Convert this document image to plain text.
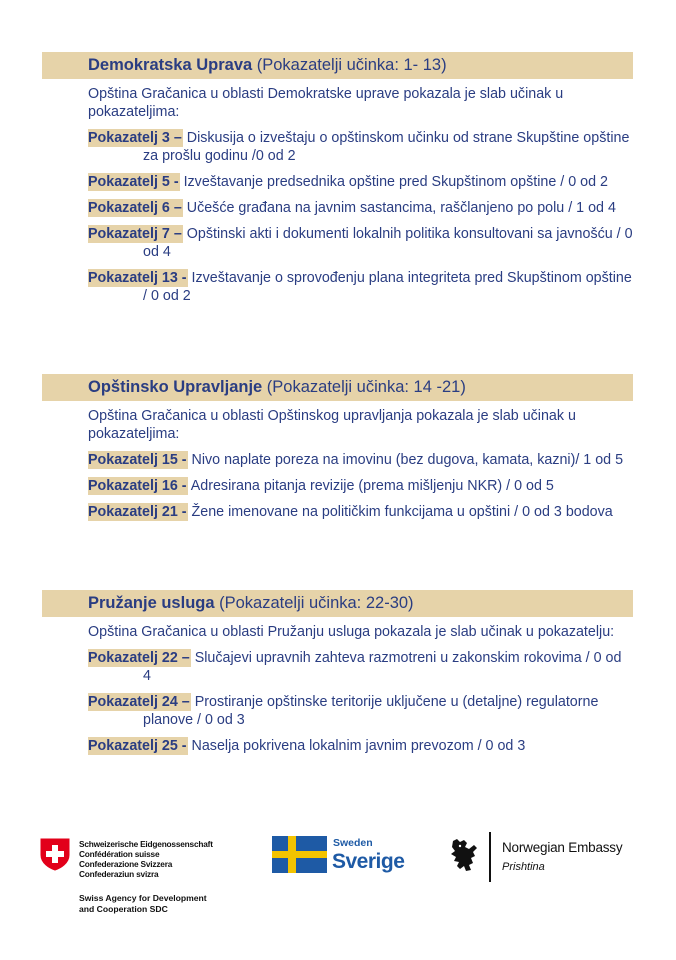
Demokratska Uprava (Pokazatelji učinka: 1- 13)
Opština Gračanica u oblasti Demokratske uprave pokazala je slab učinak u pokazateljima:
Pokazatelj 3 – Diskusija o izveštaju o opštinskom učinku od strane Skupštine opštine za prošlu godinu /0 od 2
Pokazatelj 5 - Izveštavanje predsednika opštine pred Skupštinom opštine / 0 od 2
Pokazatelj 6 – Učešće građana na javnim sastancima, raščlanjeno po polu / 1 od 4
Pokazatelj 7 – Opštinski akti i dokumenti lokalnih politika konsultovani sa javnošću / 0 od 4
Pokazatelj 13 - Izveštavanje o sprovođenju plana integriteta pred Skupštinom opštine / 0 od 2
Opštinsko Upravljanje (Pokazatelji učinka: 14 -21)
Opština Gračanica u oblasti Opštinskog upravljanja pokazala je slab učinak u pokazateljima:
Pokazatelj 15 - Nivo naplate poreza na imovinu (bez dugova, kamata, kazni)/ 1 od 5
Pokazatelj 16 - Adresirana pitanja revizije (prema mišljenju NKR) / 0 od 5
Pokazatelj 21 - Žene imenovane na političkim funkcijama u opštini / 0 od 3 bodova
Pružanje usluga (Pokazatelji učinka: 22-30)
Opština Gračanica u oblasti Pružanju usluga pokazala je slab učinak u pokazatelju:
Pokazatelj 22 – Slučajevi upravnih zahteva razmotreni u zakonskim rokovima / 0 od 4
Pokazatelj 24 – Prostiranje opštinske teritorije uključene u (detaljne) regulatorne planove / 0 od 3
Pokazatelj 25 - Naselja pokrivena lokalnim javnim prevozom / 0 od 3
Schweizerische Eidgenossenschaft
Confédération suisse
Confederazione Svizzera
Confederaziun svizra
Swiss Agency for Development
and Cooperation SDC
Sweden
Sverige
Norwegian Embassy
Prishtina
